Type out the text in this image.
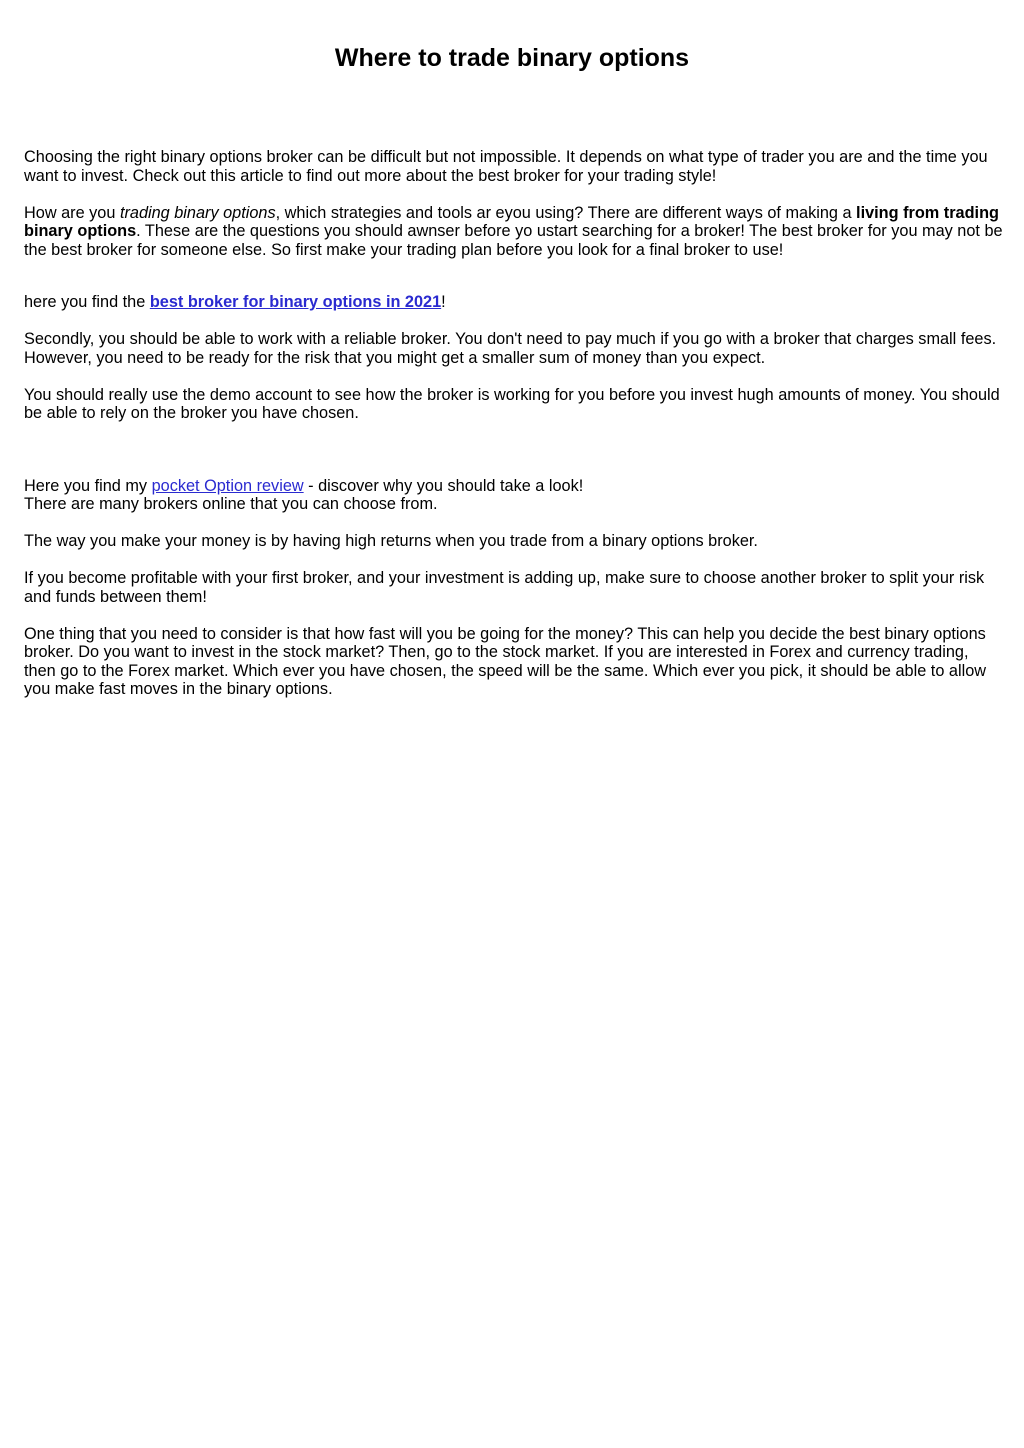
Where to trade binary options

Choosing the right binary options broker can be difficult but not impossible. It depends on what type of trader you are and the time you want to invest. Check out this article to find out more about the best broker for your trading style!

How are you trading binary options, which strategies and tools ar eyou using? There are different ways of making a living from trading binary options. These are the questions you should awnser before yo ustart searching for a broker! The best broker for you may not be the best broker for someone else. So first make your trading plan before you look for a final broker to use!

here you find the best broker for binary options in 2021!

Secondly, you should be able to work with a reliable broker. You don't need to pay much if you go with a broker that charges small fees. However, you need to be ready for the risk that you might get a smaller sum of money than you expect.

You should really use the demo account to see how the broker is working for you before you invest hugh amounts of money. You should be able to rely on the broker you have chosen.

Here you find my pocket Option review - discover why you should take a look!
There are many brokers online that you can choose from.

The way you make your money is by having high returns when you trade from a binary options broker.

If you become profitable with your first broker, and your investment is adding up, make sure to choose another broker to split your risk and funds between them!

One thing that you need to consider is that how fast will you be going for the money? This can help you decide the best binary options broker. Do you want to invest in the stock market? Then, go to the stock market. If you are interested in Forex and currency trading, then go to the Forex market. Which ever you have chosen, the speed will be the same. Which ever you pick, it should be able to allow you make fast moves in the binary options.
